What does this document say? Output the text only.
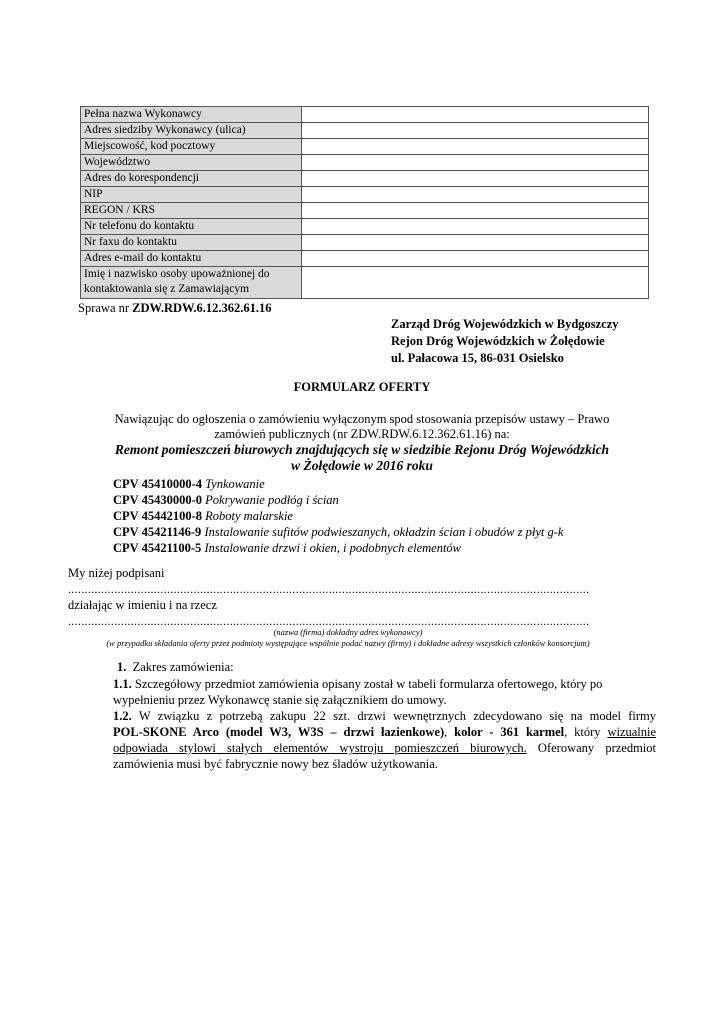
Pełna nazwa Wykonawcy	
Adres siedziby Wykonawcy (ulica)	
Miejscowość, kod pocztowy	
Województwo	
Adres do korespondencji	
NIP	
REGON / KRS	
Nr telefonu do kontaktu	
Nr faxu do kontaktu	
Adres e-mail do kontaktu	
Imię i nazwisko osoby upoważnionej do kontaktowania się z Zamawiającym	
Sprawa nr ZDW.RDW.6.12.362.61.16
Zarząd Dróg Wojewódzkich w Bydgoszczy
Rejon Dróg Wojewódzkich w Żołędowie
ul. Pałacowa 15, 86-031 Osielsko
FORMULARZ OFERTY
Nawiązując do ogłoszenia o zamówieniu wyłączonym spod stosowania przepisów ustawy – Prawo
zamówień publicznych (nr ZDW.RDW.6.12.362.61.16) na:
Remont pomieszczeń biurowych znajdujących się w siedzibie Rejonu Dróg Wojewódzkich
w Żołędowie w 2016 roku
CPV 45410000-4 Tynkowanie
CPV 45430000-0 Pokrywanie podłóg i ścian
CPV 45442100-8 Roboty malarskie
CPV 45421146-9 Instalowanie sufitów podwieszanych, okładzin ścian i obudów z płyt g-k
CPV 45421100-5 Instalowanie drzwi i okien, i podobnych elementów
My niżej podpisani
..............................................................................................................................................................
działając w imieniu i na rzecz
..............................................................................................................................................................
(nazwa (firma) dokładny adres wykonawcy)
(w przypadku składania oferty przez podmioty występujące wspólnie podać nazwy (firmy) i dokładne adresy wszystkich członków konsorcjum)
1. Zakres zamówienia:
1.1. Szczegółowy przedmiot zamówienia opisany został w tabeli formularza ofertowego, który po
wypełnieniu przez Wykonawcę stanie się załącznikiem do umowy.
1.2. W związku z potrzebą zakupu 22 szt. drzwi wewnętrznych zdecydowano się na model firmy
POL-SKONE Arco (model W3, W3S – drzwi łazienkowe), kolor - 361 karmel, który wizualnie
odpowiada stylowi stałych elementów wystroju pomieszczeń biurowych. Oferowany przedmiot
zamówienia musi być fabrycznie nowy bez śladów użytkowania.
